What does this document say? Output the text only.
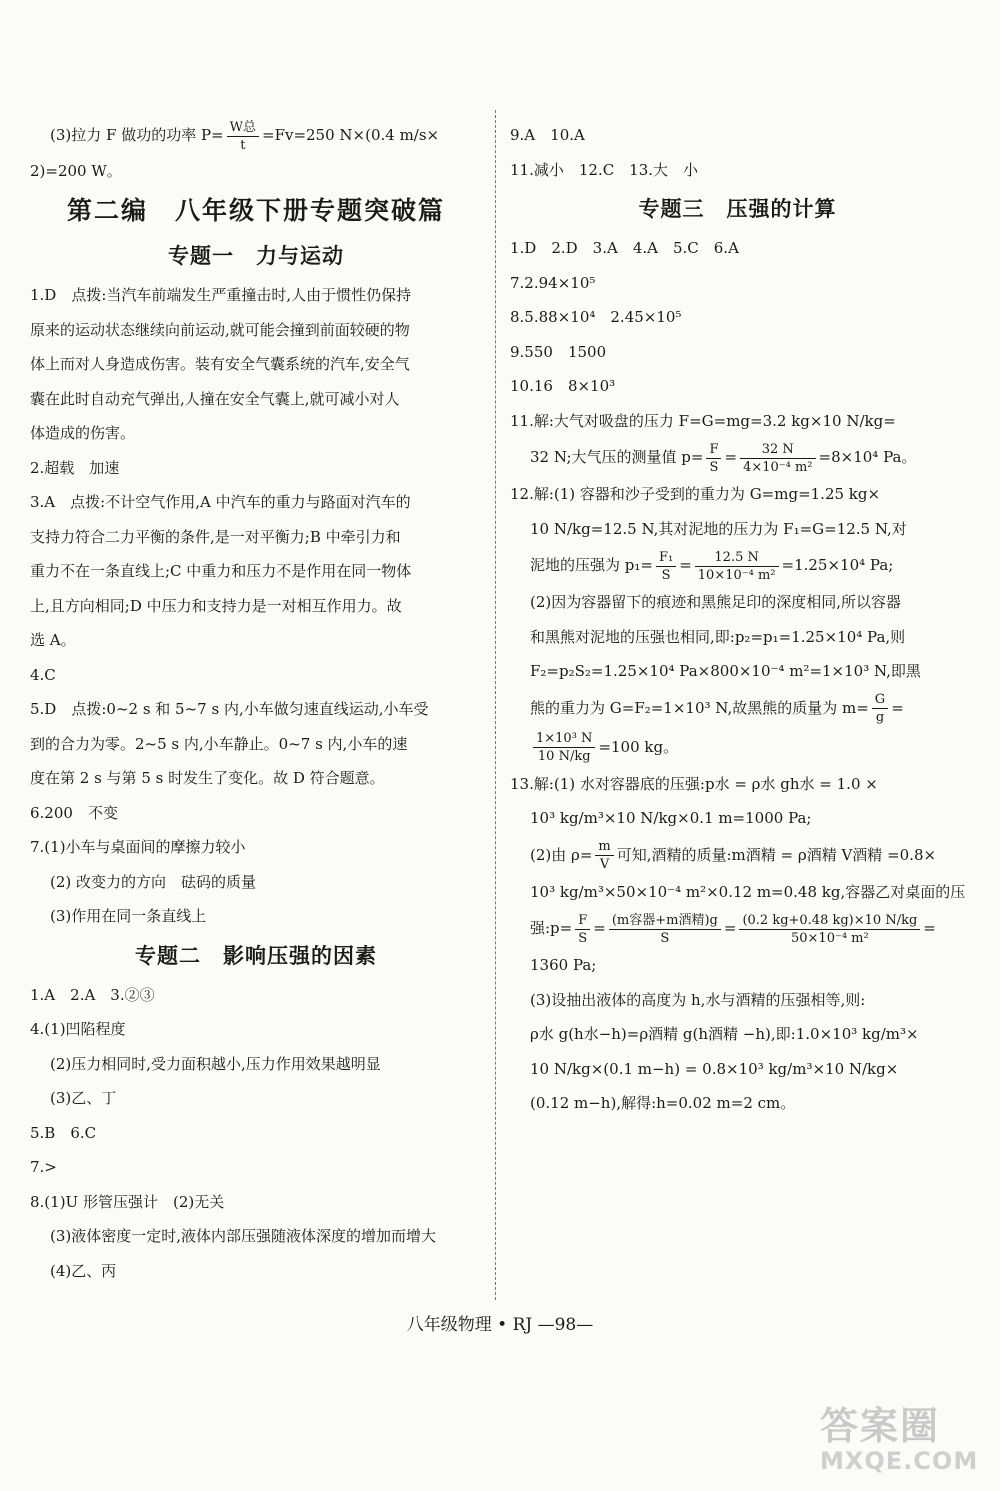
(3)拉力 F 做功的功率 P= W总
t
=Fv=250 N×(0.4 m/s×
2)=200 W。
第二编　八年级下册专题突破篇
专题一　力与运动
1.D　点拨:当汽车前端发生严重撞击时,人由于惯性仍保持
原来的运动状态继续向前运动,就可能会撞到前面较硬的物
体上而对人身造成伤害。装有安全气囊系统的汽车,安全气
囊在此时自动充气弹出,人撞在安全气囊上,就可减小对人
体造成的伤害。
2.超载　加速
3.A　点拨:不计空气作用,A 中汽车的重力与路面对汽车的
支持力符合二力平衡的条件,是一对平衡力;B 中牵引力和
重力不在一条直线上;C 中重力和压力不是作用在同一物体
上,且方向相同;D 中压力和支持力是一对相互作用力。故
选 A。
4.C
5.D　点拨:0~2 s 和 5~7 s 内,小车做匀速直线运动,小车受
到的合力为零。2~5 s 内,小车静止。0~7 s 内,小车的速
度在第 2 s 与第 5 s 时发生了变化。故 D 符合题意。
6.200　不变
7.(1)小车与桌面间的摩擦力较小
(2) 改变力的方向　砝码的质量
(3)作用在同一条直线上
专题二　影响压强的因素
1.A　2.A　3.②③
4.(1)凹陷程度
(2)压力相同时,受力面积越小,压力作用效果越明显
(3)乙、丁
5.B　6.C
7.>
8.(1)U 形管压强计　(2)无关
(3)液体密度一定时,液体内部压强随液体深度的增加而增大
(4)乙、丙
9.A　10.A
11.减小　12.C　13.大　小
专题三　压强的计算
1.D　2.D　3.A　4.A　5.C　6.A
7.2.94×10⁵
8.5.88×10⁴　2.45×10⁵
9.550　1500
10.16　8×10³
11.解:大气对吸盘的压力 F=G=mg=3.2 kg×10 N/kg=
32 N;大气压的测量值 $p= \frac{F}{S} = \frac{32 N}{\text{4×10⁻⁴ m²}} =8\times 10^4$ Pa。
12.解:(1) 容器和沙子受到的重力为 G=mg=1.25 kg×
10 N/kg=12.5 N,其对泥地的压力为 F₁=G=12.5 N,对
泥地的压强为 $p_1= \frac{\text{F₁}}{S} = \frac{12.5 N}{\text{10×10⁻⁴ m²}} =1.25\times 10^4$ Pa;
(2)因为容器留下的痕迹和黑熊足印的深度相同,所以容器
和黑熊对泥地的压强也相同,即:p₂=p₁=1.25×10⁴ Pa,则
F₂=p₂S₂=1.25×10⁴ Pa×800×10⁻⁴ m²=1×10³ N,即黑
熊的重力为 G=F₂=1×10³ N,故黑熊的质量为 $m= \frac{G}{g}$ =
$\frac{\text{1×10³ N}}{10 N/kg} =100$ kg。
13.解:(1) 水对容器底的压强:p水 = ρ水 gh水 = 1.0 ×
10³ kg/m³×10 N/kg×0.1 m=1000 Pa;
(2)由 $\rho= \frac{m}{V}$ 可知,酒精的质量:m酒精 = ρ酒精 V酒精 =0.8×
10³ kg/m³×50×10⁻⁴ m²×0.12 m=0.48 kg,容器乙对桌面的压
强:p= $\frac{F}{S} = (m$容器+m酒精)g
S
= $\frac{(0.2 kg+0.48 kg)\times 10 N/kg}{\text{50×10⁻⁴ m²}}$ =
1360 Pa;
(3)设抽出液体的高度为 h,水与酒精的压强相等,则:
ρ水 g(h水−h)=ρ酒精 g(h酒精 −h),即:1.0×10³ kg/m³×
10 N/kg×(0.1 m−h) = 0.8×10³ kg/m³×10 N/kg×
(0.12 m−h),解得:h=0.02 m=2 cm。
八年级物理 • RJ —98—
答案圈
MXQE.COM
